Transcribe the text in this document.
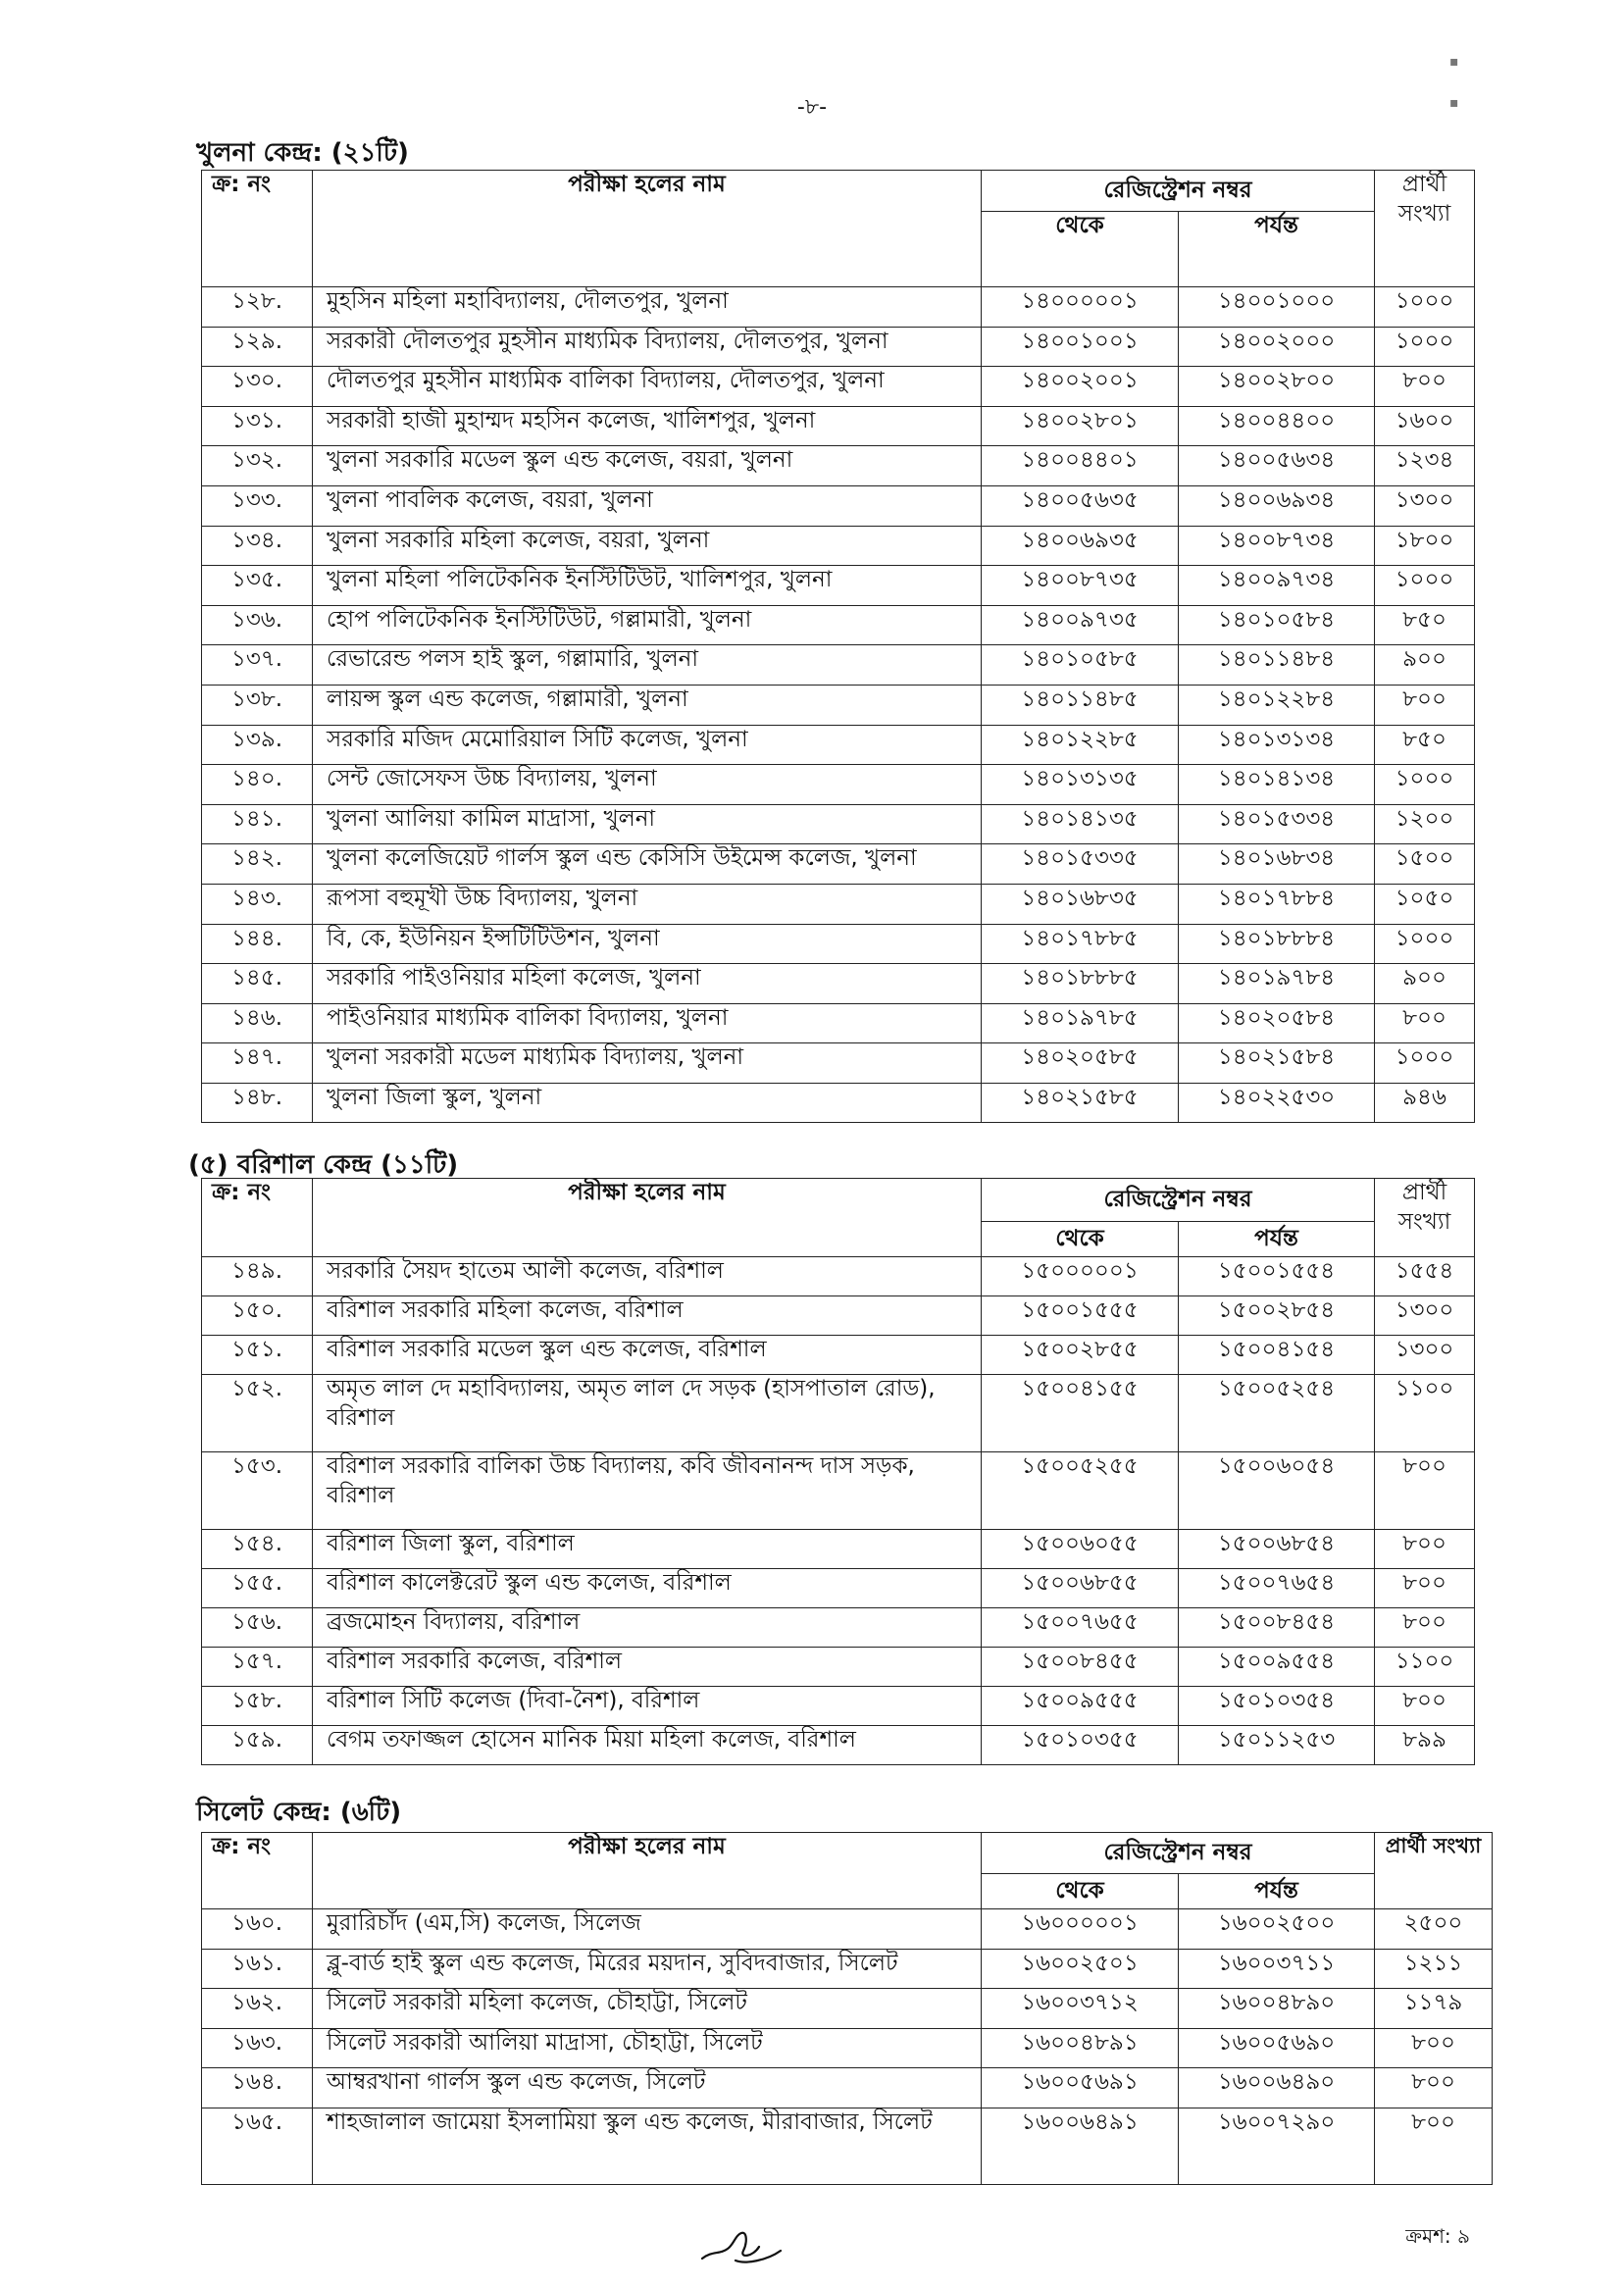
-৮-
▪
▪
খুলনা কেন্দ্র: (২১টি)
ক্র: নং	পরীক্ষা হলের নাম	রেজিস্ট্রেশন নম্বর		প্রার্থী
সংখ্যা

		থেকে	পর্যন্ত	
১২৮.	মুহসিন মহিলা মহাবিদ্যালয়, দৌলতপুর, খুলনা	১৪০০০০০১	১৪০০১০০০	১০০০
১২৯.	সরকারী দৌলতপুর মুহসীন মাধ্যমিক বিদ্যালয়, দৌলতপুর, খুলনা	১৪০০১০০১	১৪০০২০০০	১০০০
১৩০.	দৌলতপুর মুহসীন মাধ্যমিক বালিকা বিদ্যালয়, দৌলতপুর, খুলনা	১৪০০২০০১	১৪০০২৮০০	৮০০
১৩১.	সরকারী হাজী মুহাম্মদ মহসিন কলেজ, খালিশপুর, খুলনা	১৪০০২৮০১	১৪০০৪৪০০	১৬০০
১৩২.	খুলনা সরকারি মডেল স্কুল এন্ড কলেজ, বয়রা, খুলনা	১৪০০৪৪০১	১৪০০৫৬৩৪	১২৩৪
১৩৩.	খুলনা পাবলিক কলেজ, বয়রা, খুলনা	১৪০০৫৬৩৫	১৪০০৬৯৩৪	১৩০০
১৩৪.	খুলনা সরকারি মহিলা কলেজ, বয়রা, খুলনা	১৪০০৬৯৩৫	১৪০০৮৭৩৪	১৮০০
১৩৫.	খুলনা মহিলা পলিটেকনিক ইনস্টিটিউট, খালিশপুর, খুলনা	১৪০০৮৭৩৫	১৪০০৯৭৩৪	১০০০
১৩৬.	হোপ পলিটেকনিক ইনস্টিটিউট, গল্লামারী, খুলনা	১৪০০৯৭৩৫	১৪০১০৫৮৪	৮৫০
১৩৭.	রেভারেন্ড পলস হাই স্কুল, গল্লামারি, খুলনা	১৪০১০৫৮৫	১৪০১১৪৮৪	৯০০
১৩৮.	লায়ন্স স্কুল এন্ড কলেজ, গল্লামারী, খুলনা	১৪০১১৪৮৫	১৪০১২২৮৪	৮০০
১৩৯.	সরকারি মজিদ মেমোরিয়াল সিটি কলেজ, খুলনা	১৪০১২২৮৫	১৪০১৩১৩৪	৮৫০
১৪০.	সেন্ট জোসেফস উচ্চ বিদ্যালয়, খুলনা	১৪০১৩১৩৫	১৪০১৪১৩৪	১০০০
১৪১.	খুলনা আলিয়া কামিল মাদ্রাসা, খুলনা	১৪০১৪১৩৫	১৪০১৫৩৩৪	১২০০
১৪২.	খুলনা কলেজিয়েট গার্লস স্কুল এন্ড কেসিসি উইমেন্স কলেজ, খুলনা	১৪০১৫৩৩৫	১৪০১৬৮৩৪	১৫০০
১৪৩.	রূপসা বহুমূখী উচ্চ বিদ্যালয়, খুলনা	১৪০১৬৮৩৫	১৪০১৭৮৮৪	১০৫০
১৪৪.	বি, কে, ইউনিয়ন ইন্সটিটিউশন, খুলনা	১৪০১৭৮৮৫	১৪০১৮৮৮৪	১০০০
১৪৫.	সরকারি পাইওনিয়ার মহিলা কলেজ, খুলনা	১৪০১৮৮৮৫	১৪০১৯৭৮৪	৯০০
১৪৬.	পাইওনিয়ার মাধ্যমিক বালিকা বিদ্যালয়, খুলনা	১৪০১৯৭৮৫	১৪০২০৫৮৪	৮০০
১৪৭.	খুলনা সরকারী মডেল মাধ্যমিক বিদ্যালয়, খুলনা	১৪০২০৫৮৫	১৪০২১৫৮৪	১০০০
১৪৮.	খুলনা জিলা স্কুল, খুলনা	১৪০২১৫৮৫	১৪০২২৫৩০	৯৪৬
(৫) বরিশাল কেন্দ্র (১১টি)
ক্র: নং	পরীক্ষা হলের নাম	রেজিস্ট্রেশন নম্বর		প্রার্থী
সংখ্যা

		থেকে	পর্যন্ত	
১৪৯.	সরকারি সৈয়দ হাতেম আলী কলেজ, বরিশাল	১৫০০০০০১	১৫০০১৫৫৪	১৫৫৪
১৫০.	বরিশাল সরকারি মহিলা কলেজ, বরিশাল	১৫০০১৫৫৫	১৫০০২৮৫৪	১৩০০
১৫১.	বরিশাল সরকারি মডেল স্কুল এন্ড কলেজ, বরিশাল	১৫০০২৮৫৫	১৫০০৪১৫৪	১৩০০
১৫২.	অমৃত লাল দে মহাবিদ্যালয়, অমৃত লাল দে সড়ক (হাসপাতাল রোড), বরিশাল	১৫০০৪১৫৫	১৫০০৫২৫৪	১১০০
১৫৩.	বরিশাল সরকারি বালিকা উচ্চ বিদ্যালয়, কবি জীবনানন্দ দাস সড়ক, বরিশাল	১৫০০৫২৫৫	১৫০০৬০৫৪	৮০০
১৫৪.	বরিশাল জিলা স্কুল, বরিশাল	১৫০০৬০৫৫	১৫০০৬৮৫৪	৮০০
১৫৫.	বরিশাল কালেক্টরেট স্কুল এন্ড কলেজ, বরিশাল	১৫০০৬৮৫৫	১৫০০৭৬৫৪	৮০০
১৫৬.	ব্রজমোহন বিদ্যালয়, বরিশাল	১৫০০৭৬৫৫	১৫০০৮৪৫৪	৮০০
১৫৭.	বরিশাল সরকারি কলেজ, বরিশাল	১৫০০৮৪৫৫	১৫০০৯৫৫৪	১১০০
১৫৮.	বরিশাল সিটি কলেজ (দিবা-নৈশ), বরিশাল	১৫০০৯৫৫৫	১৫০১০৩৫৪	৮০০
১৫৯.	বেগম তফাজ্জল হোসেন মানিক মিয়া মহিলা কলেজ, বরিশাল	১৫০১০৩৫৫	১৫০১১২৫৩	৮৯৯
সিলেট কেন্দ্র: (৬টি)
ক্র: নং	পরীক্ষা হলের নাম	রেজিস্ট্রেশন নম্বর		প্রার্থী সংখ্যা
		থেকে	পর্যন্ত	
১৬০.	মুরারিচাঁদ (এম,সি) কলেজ, সিলেজ	১৬০০০০০১	১৬০০২৫০০	২৫০০
১৬১.	ব্লু-বার্ড হাই স্কুল এন্ড কলেজ, মিরের ময়দান, সুবিদবাজার, সিলেট	১৬০০২৫০১	১৬০০৩৭১১	১২১১
১৬২.	সিলেট সরকারী মহিলা কলেজ, চৌহাট্টা, সিলেট	১৬০০৩৭১২	১৬০০৪৮৯০	১১৭৯
১৬৩.	সিলেট সরকারী আলিয়া মাদ্রাসা, চৌহাট্টা, সিলেট	১৬০০৪৮৯১	১৬০০৫৬৯০	৮০০
১৬৪.	আম্বরখানা গার্লস স্কুল এন্ড কলেজ, সিলেট	১৬০০৫৬৯১	১৬০০৬৪৯০	৮০০
১৬৫.	শাহজালাল জামেয়া ইসলামিয়া স্কুল এন্ড কলেজ, মীরাবাজার, সিলেট	১৬০০৬৪৯১	১৬০০৭২৯০	৮০০
ক্রমশ: ৯
